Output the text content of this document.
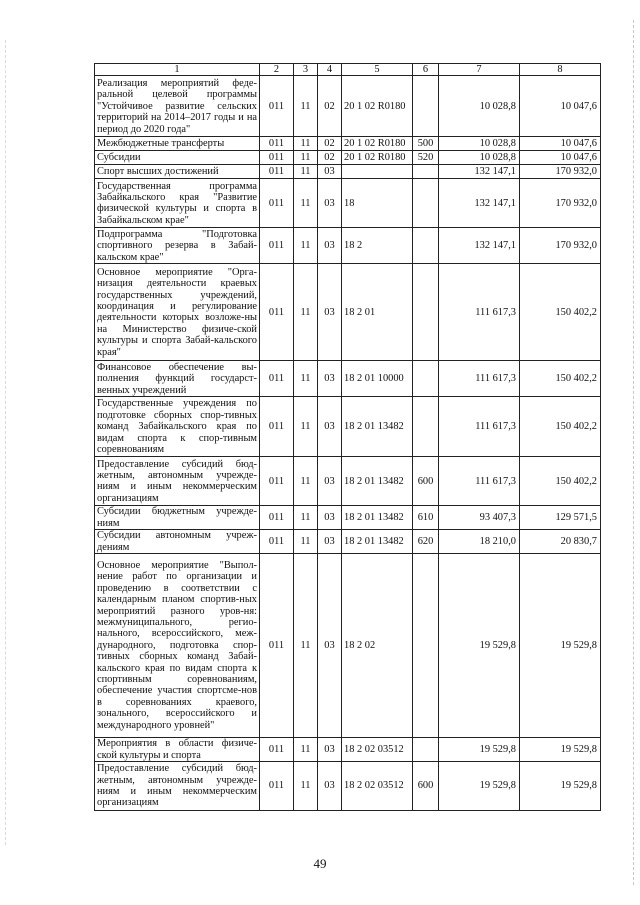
1	2	3	4	5	6	7	8
Реализация мероприятий феде-ральной целевой программы "Устойчивое развитие сельских территорий на 2014–2017 годы и на период до 2020 года"	011	11	02	20 1 02 R0180		10 028,8	10 047,6
Межбюджетные трансферты	011	11	02	20 1 02 R0180	500	10 028,8	10 047,6
Субсидии	011	11	02	20 1 02 R0180	520	10 028,8	10 047,6
Спорт высших достижений	011	11	03			132 147,1	170 932,0
Государственная программа Забайкальского края "Развитие физической культуры и спорта в Забайкальском крае"	011	11	03	18		132 147,1	170 932,0
Подпрограмма "Подготовка спортивного резерва в Забай-кальском крае"	011	11	03	18 2		132 147,1	170 932,0
Основное мероприятие "Орга-низация деятельности краевых государственных учреждений, координация и регулирование деятельности которых возложе-ны на Министерство физиче-ской культуры и спорта Забай-кальского края"	011	11	03	18 2 01		111 617,3	150 402,2
Финансовое обеспечение вы-полнения функций государст-венных учреждений	011	11	03	18 2 01 10000		111 617,3	150 402,2
Государственные учреждения по подготовке сборных спор-тивных команд Забайкальского края по видам спорта к спор-тивным соревнованиям	011	11	03	18 2 01 13482		111 617,3	150 402,2
Предоставление субсидий бюд-жетным, автономным учрежде-ниям и иным некоммерческим организациям	011	11	03	18 2 01 13482	600	111 617,3	150 402,2
Субсидии бюджетным учрежде-ниям	011	11	03	18 2 01 13482	610	93 407,3	129 571,5
Субсидии автономным учреж-дениям	011	11	03	18 2 01 13482	620	18 210,0	20 830,7
Основное мероприятие "Выпол-нение работ по организации и проведению в соответствии с календарным планом спортив-ных мероприятий разного уров-ня: межмуниципального, регио-нального, всероссийского, меж-дународного, подготовка спор-тивных сборных команд Забай-кальского края по видам спорта к спортивным соревнованиям, обеспечение участия спортсме-нов в соревнованиях краевого, зонального, всероссийского и международного уровней"	011	11	03	18 2 02		19 529,8	19 529,8
Мероприятия в области физиче-ской культуры и спорта	011	11	03	18 2 02 03512		19 529,8	19 529,8
Предоставление субсидий бюд-жетным, автономным учрежде-ниям и иным некоммерческим организациям	011	11	03	18 2 02 03512	600	19 529,8	19 529,8
49
